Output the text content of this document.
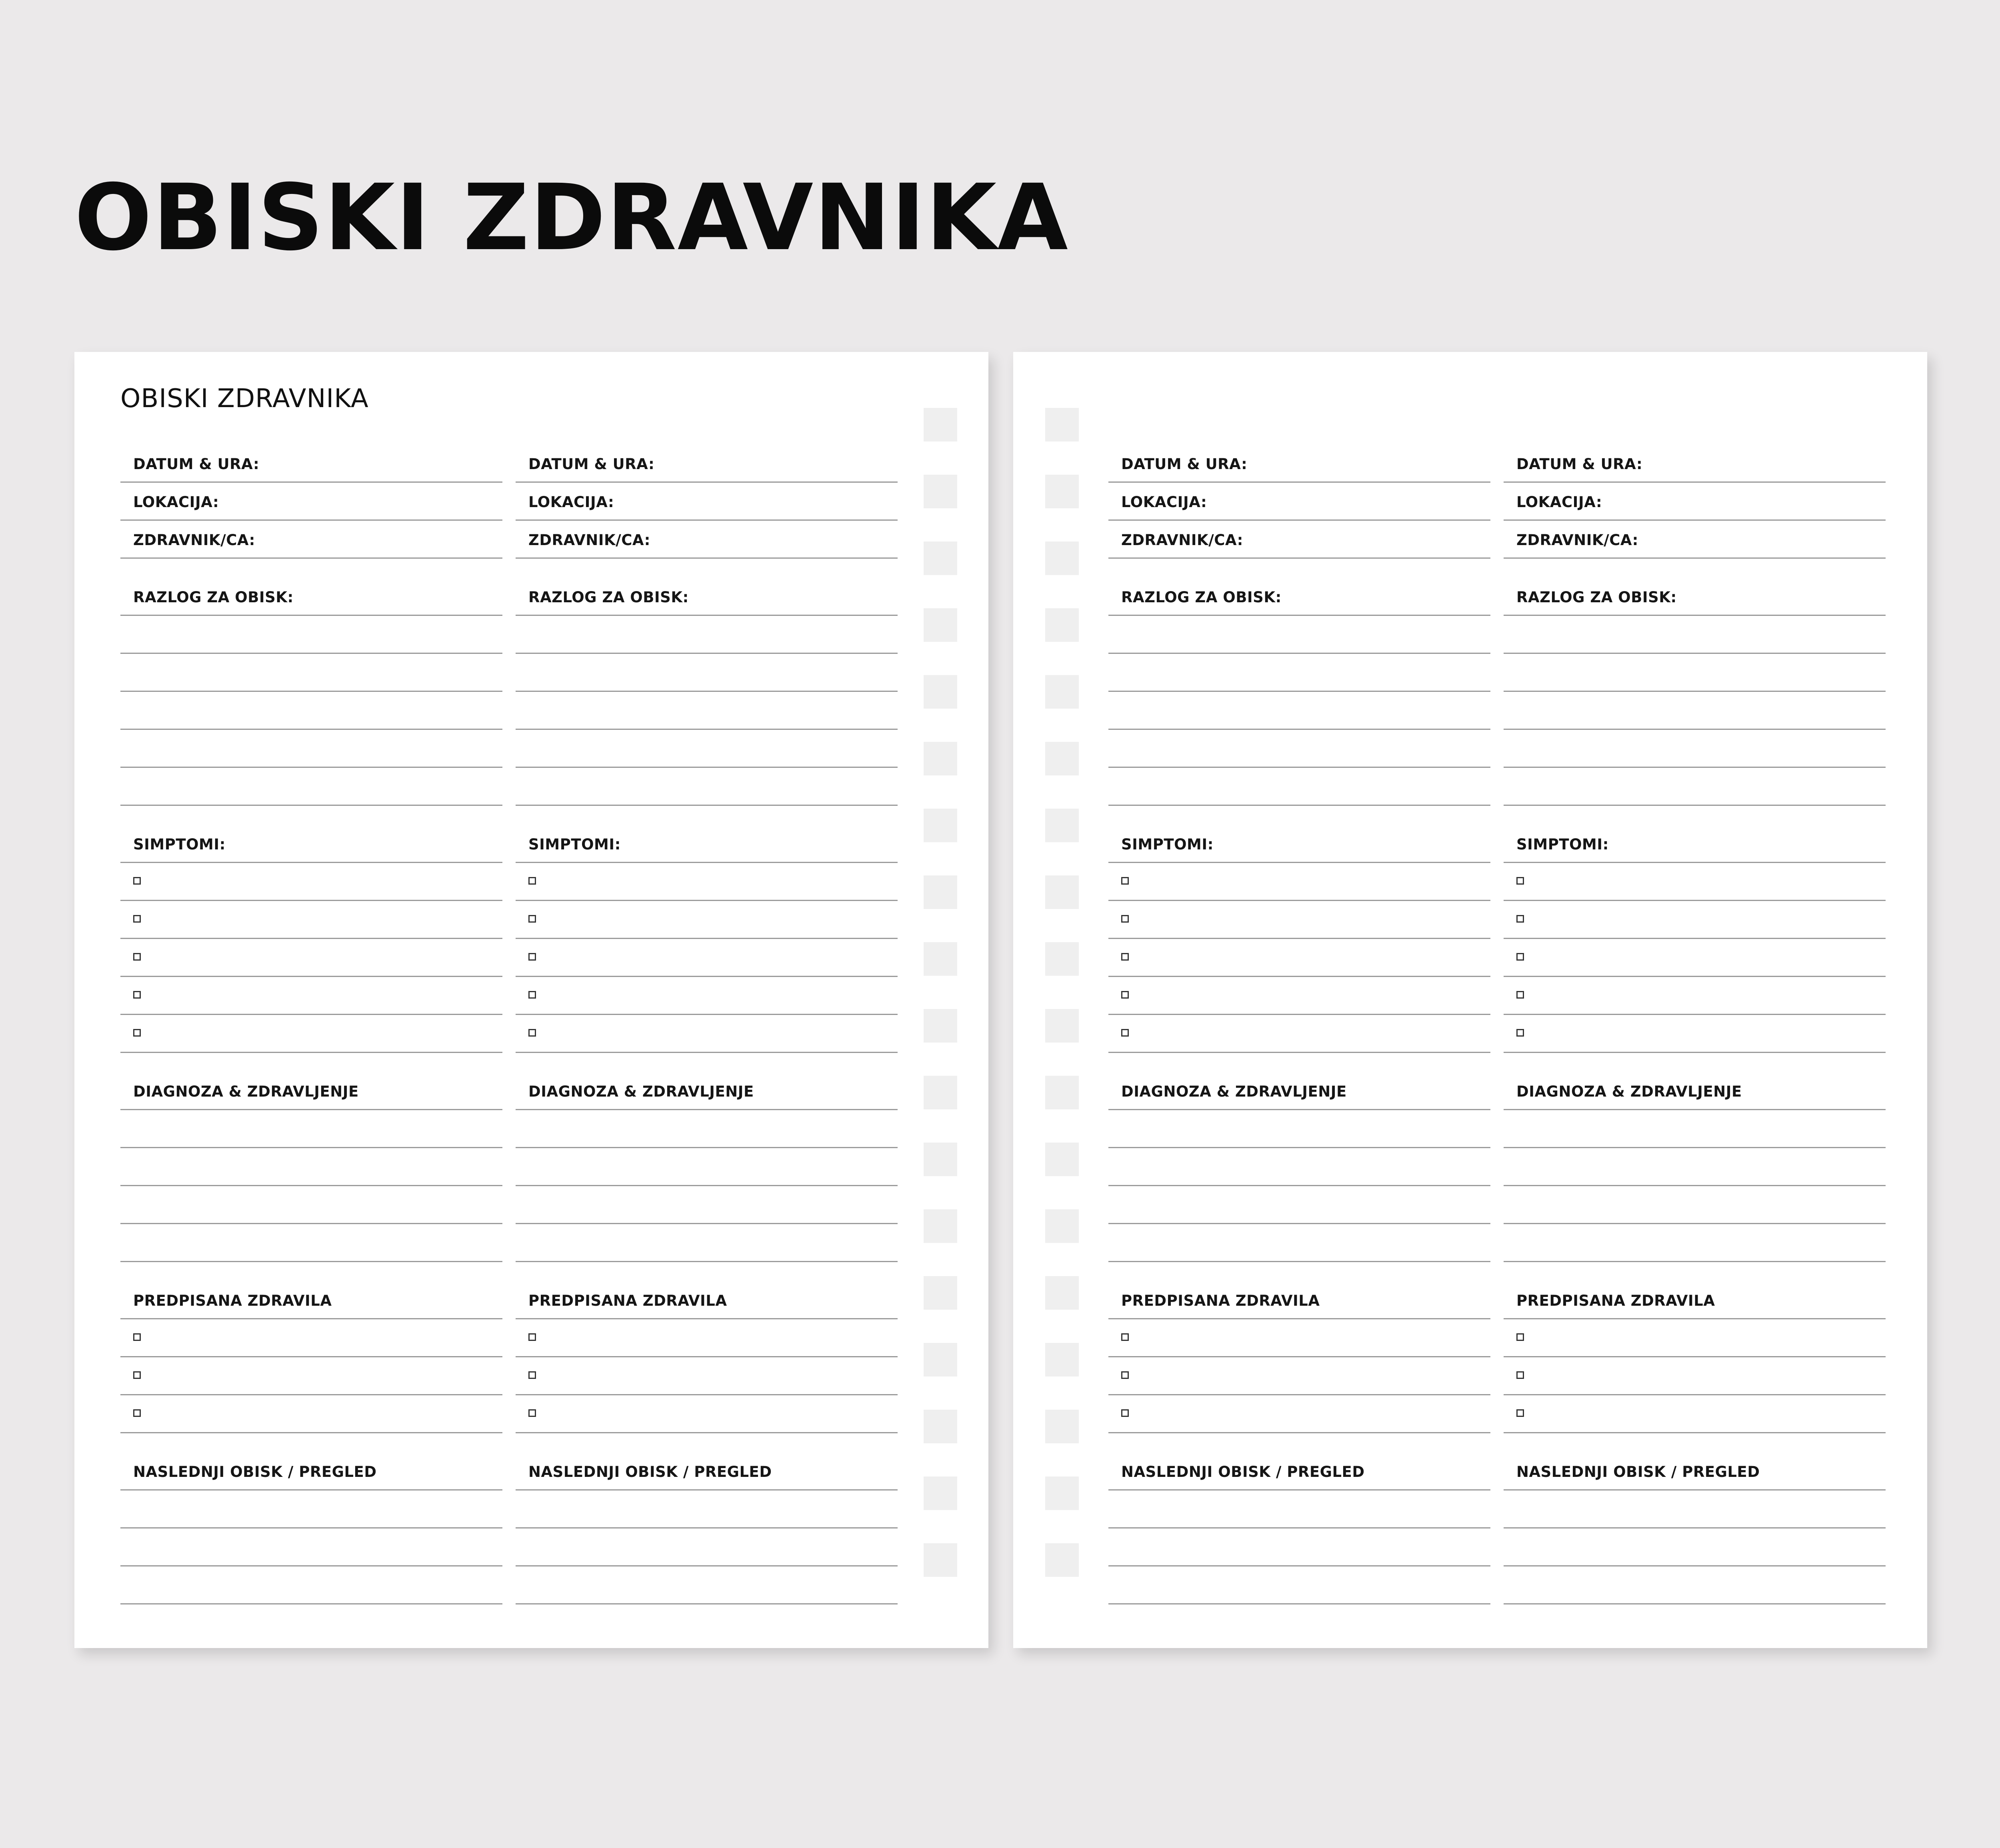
OBISKI ZDRAVNIKA
OBISKI ZDRAVNIKA
DATUM & URA:
LOKACIJA:
ZDRAVNIK/CA:
RAZLOG ZA OBISK:
SIMPTOMI:
DIAGNOZA & ZDRAVLJENJE
PREDPISANA ZDRAVILA
NASLEDNJI OBISK / PREGLED
DATUM & URA:
LOKACIJA:
ZDRAVNIK/CA:
RAZLOG ZA OBISK:
SIMPTOMI:
DIAGNOZA & ZDRAVLJENJE
PREDPISANA ZDRAVILA
NASLEDNJI OBISK / PREGLED
DATUM & URA:
LOKACIJA:
ZDRAVNIK/CA:
RAZLOG ZA OBISK:
SIMPTOMI:
DIAGNOZA & ZDRAVLJENJE
PREDPISANA ZDRAVILA
NASLEDNJI OBISK / PREGLED
DATUM & URA:
LOKACIJA:
ZDRAVNIK/CA:
RAZLOG ZA OBISK:
SIMPTOMI:
DIAGNOZA & ZDRAVLJENJE
PREDPISANA ZDRAVILA
NASLEDNJI OBISK / PREGLED
